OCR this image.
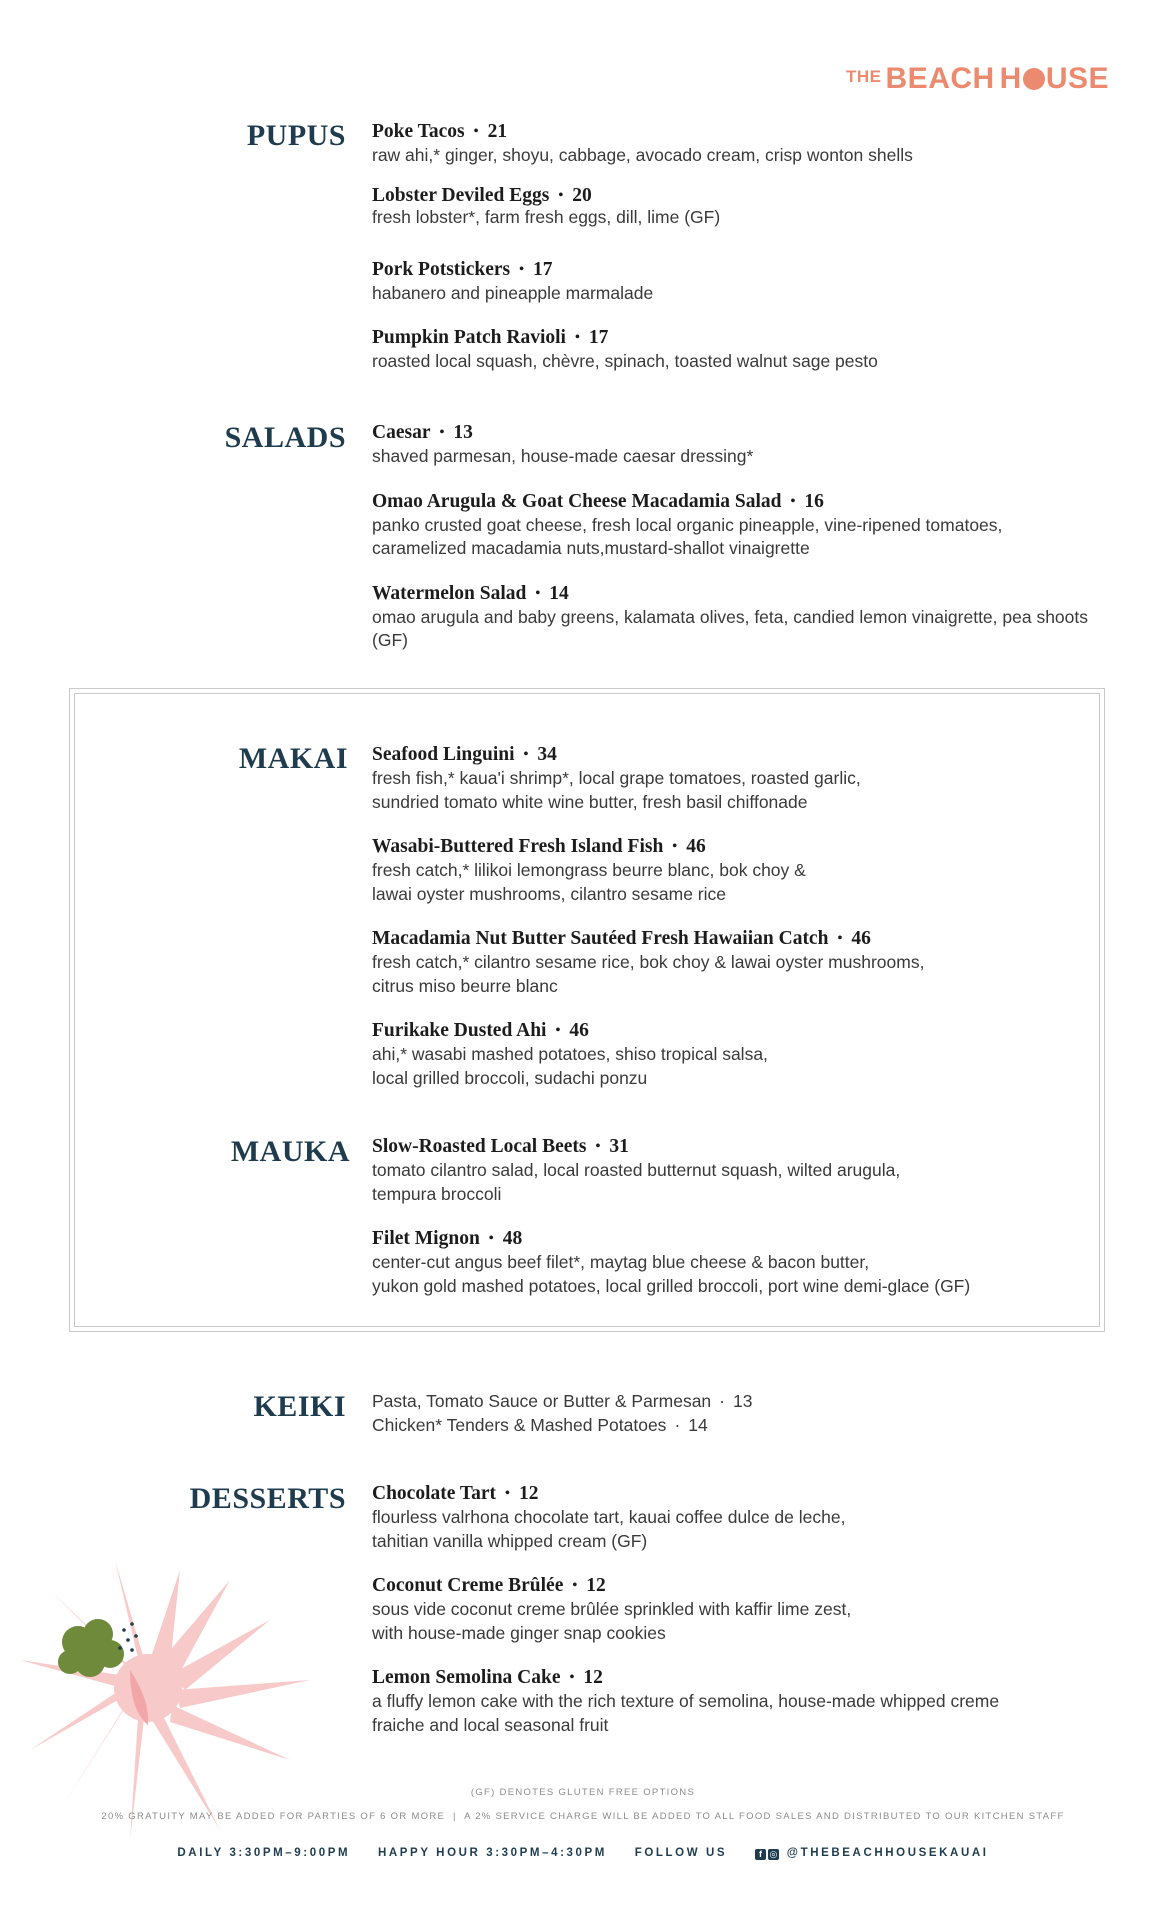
THE BEACH H USE
PUPUS Poke Tacos • 21
raw ahi,* ginger, shoyu, cabbage, avocado cream, crisp wonton shells
Lobster Deviled Eggs • 20
fresh lobster*, farm fresh eggs, dill, lime (GF)
Pork Potstickers • 17
habanero and pineapple marmalade
Pumpkin Patch Ravioli • 17
roasted local squash, chèvre, spinach, toasted walnut sage pesto
SALADS Caesar • 13
shaved parmesan, house-made caesar dressing*
Omao Arugula & Goat Cheese Macadamia Salad • 16
panko crusted goat cheese, fresh local organic pineapple, vine-ripened tomatoes, caramelized macadamia nuts,mustard-shallot vinaigrette
Watermelon Salad • 14
omao arugula and baby greens, kalamata olives, feta, candied lemon vinaigrette, pea shoots (GF)
MAKAI Seafood Linguini • 34
fresh fish,* kaua'i shrimp*, local grape tomatoes, roasted garlic,
sundried tomato white wine butter, fresh basil chiffonade
Wasabi-Buttered Fresh Island Fish • 46
fresh catch,* lilikoi lemongrass beurre blanc, bok choy &
lawai oyster mushrooms, cilantro sesame rice
Macadamia Nut Butter Sautéed Fresh Hawaiian Catch • 46
fresh catch,* cilantro sesame rice, bok choy & lawai oyster mushrooms,
citrus miso beurre blanc
Furikake Dusted Ahi • 46
ahi,* wasabi mashed potatoes, shiso tropical salsa,
local grilled broccoli, sudachi ponzu
MAUKA Slow-Roasted Local Beets • 31
tomato cilantro salad, local roasted butternut squash, wilted arugula,
tempura broccoli
Filet Mignon • 48
center-cut angus beef filet*, maytag blue cheese & bacon butter,
yukon gold mashed potatoes, local grilled broccoli, port wine demi-glace (GF)
KEIKI Pasta, Tomato Sauce or Butter & Parmesan · 13
Chicken* Tenders & Mashed Potatoes · 14
DESSERTS Chocolate Tart • 12
flourless valrhona chocolate tart, kauai coffee dulce de leche,
tahitian vanilla whipped cream (GF)
Coconut Creme Brûlée • 12
sous vide coconut creme brûlée sprinkled with kaffir lime zest,
with house-made ginger snap cookies
Lemon Semolina Cake • 12
a fluffy lemon cake with the rich texture of semolina, house-made whipped creme
fraiche and local seasonal fruit
(GF) DENOTES GLUTEN FREE OPTIONS
20% GRATUITY MAY BE ADDED FOR PARTIES OF 6 OR MORE  |  A 2% SERVICE CHARGE WILL BE ADDED TO ALL FOOD SALES AND DISTRIBUTED TO OUR KITCHEN STAFF
DAILY 3:30PM–9:00PM HAPPY HOUR 3:30PM–4:30PM FOLLOW US	f ◎ @THEBEACHHOUSEKAUAI
